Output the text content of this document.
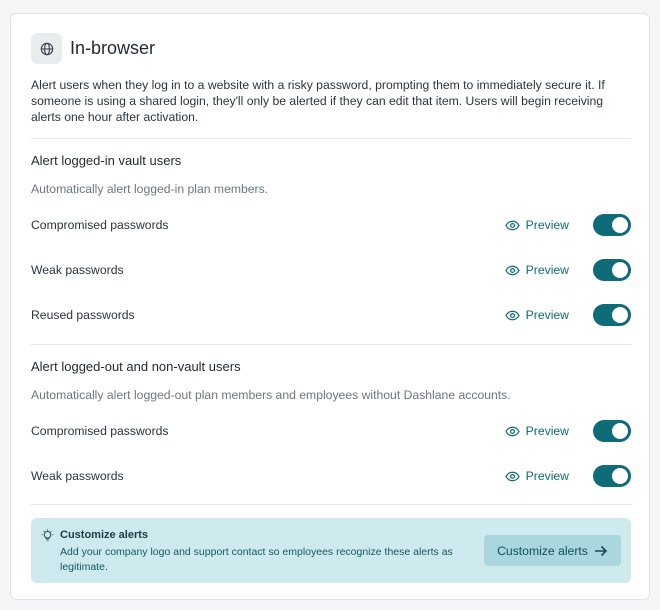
In-browser
Alert users when they log in to a website with a risky password, prompting them to immediately secure it. If someone is using a shared login, they'll only be alerted if they can edit that item. Users will begin receiving alerts one hour after activation.
Alert logged-in vault users
Automatically alert logged-in plan members.
Compromised passwords	Preview
Weak passwords	Preview
Reused passwords	Preview
Alert logged-out and non-vault users
Automatically alert logged-out plan members and employees without Dashlane accounts.
Compromised passwords	Preview
Weak passwords	Preview
Customize alerts
Add your company logo and support contact so employees recognize these alerts as legitimate.
Customize alerts
